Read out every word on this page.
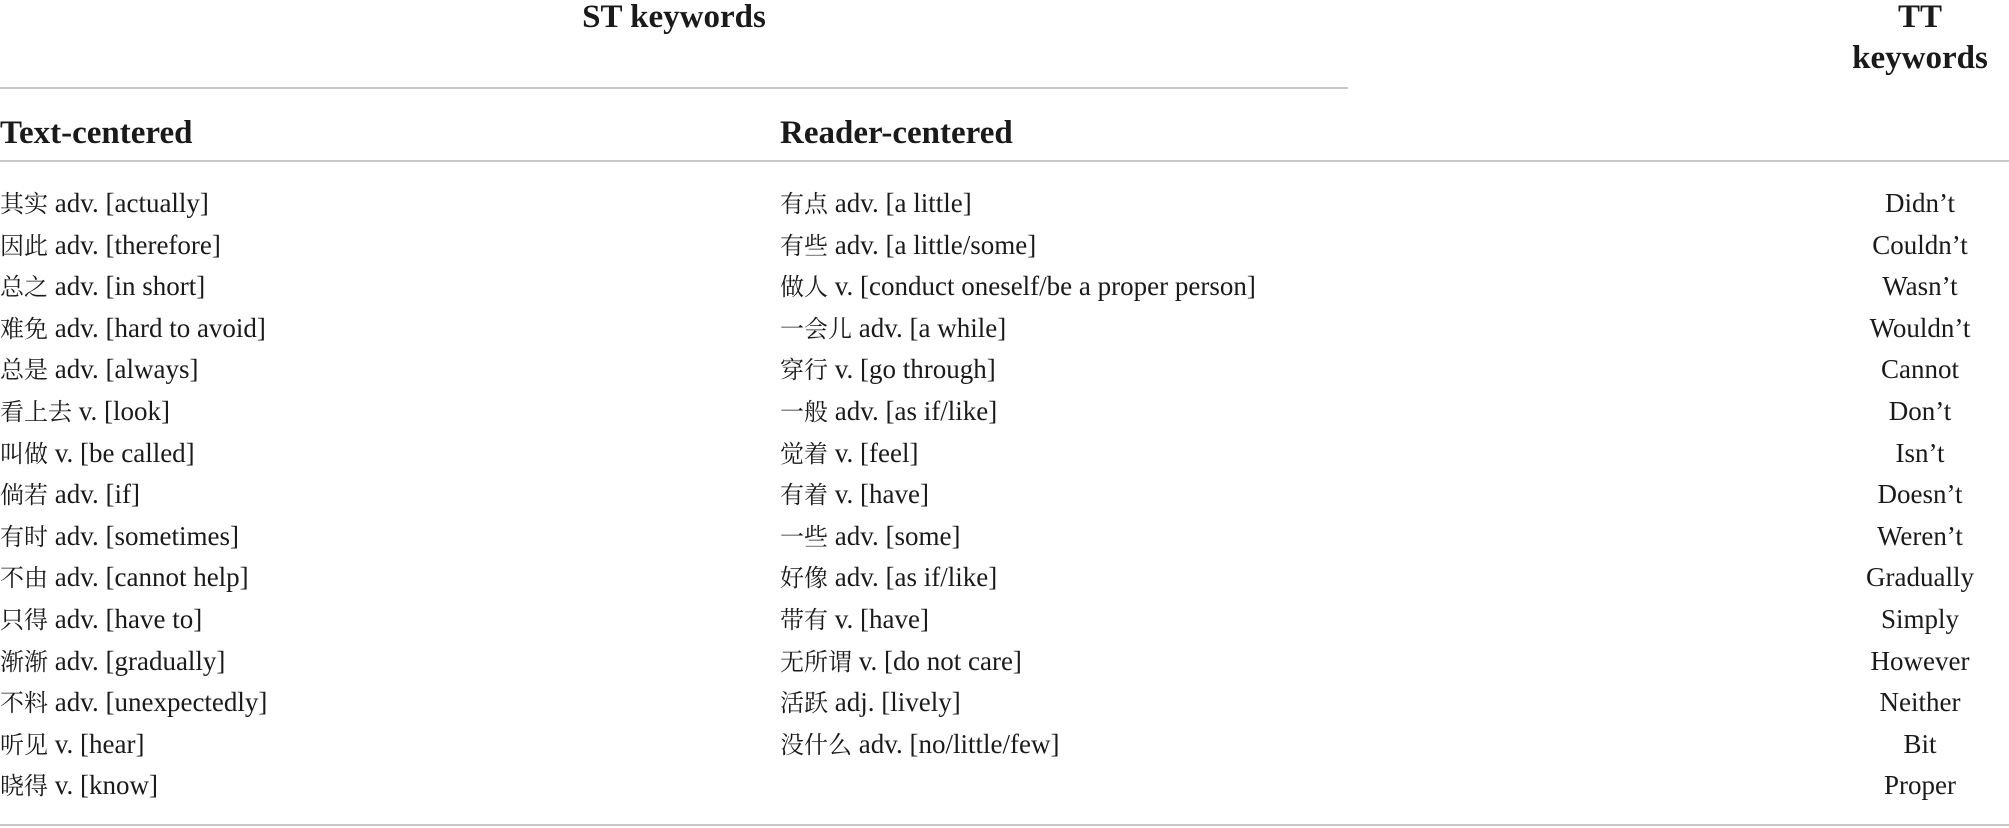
ST keywords	TT
keywords
Text-centered	Reader-centered
其实 adv. [actually]
因此 adv. [therefore]
总之 adv. [in short]
难免 adv. [hard to avoid]
总是 adv. [always]
看上去 v. [look]
叫做 v. [be called]
倘若 adv. [if]
有时 adv. [sometimes]
不由 adv. [cannot help]
只得 adv. [have to]
渐渐 adv. [gradually]
不料 adv. [unexpectedly]
听见 v. [hear]
晓得 v. [know]
有点 adv. [a little]
有些 adv. [a little/some]
做人 v. [conduct oneself/be a proper person]
一会儿 adv. [a while]
穿行 v. [go through]
一般 adv. [as if/like]
觉着 v. [feel]
有着 v. [have]
一些 adv. [some]
好像 adv. [as if/like]
带有 v. [have]
无所谓 v. [do not care]
活跃 adj. [lively]
没什么 adv. [no/little/few]
Didn’t
Couldn’t
Wasn’t
Wouldn’t
Cannot
Don’t
Isn’t
Doesn’t
Weren’t
Gradually
Simply
However
Neither
Bit
Proper
